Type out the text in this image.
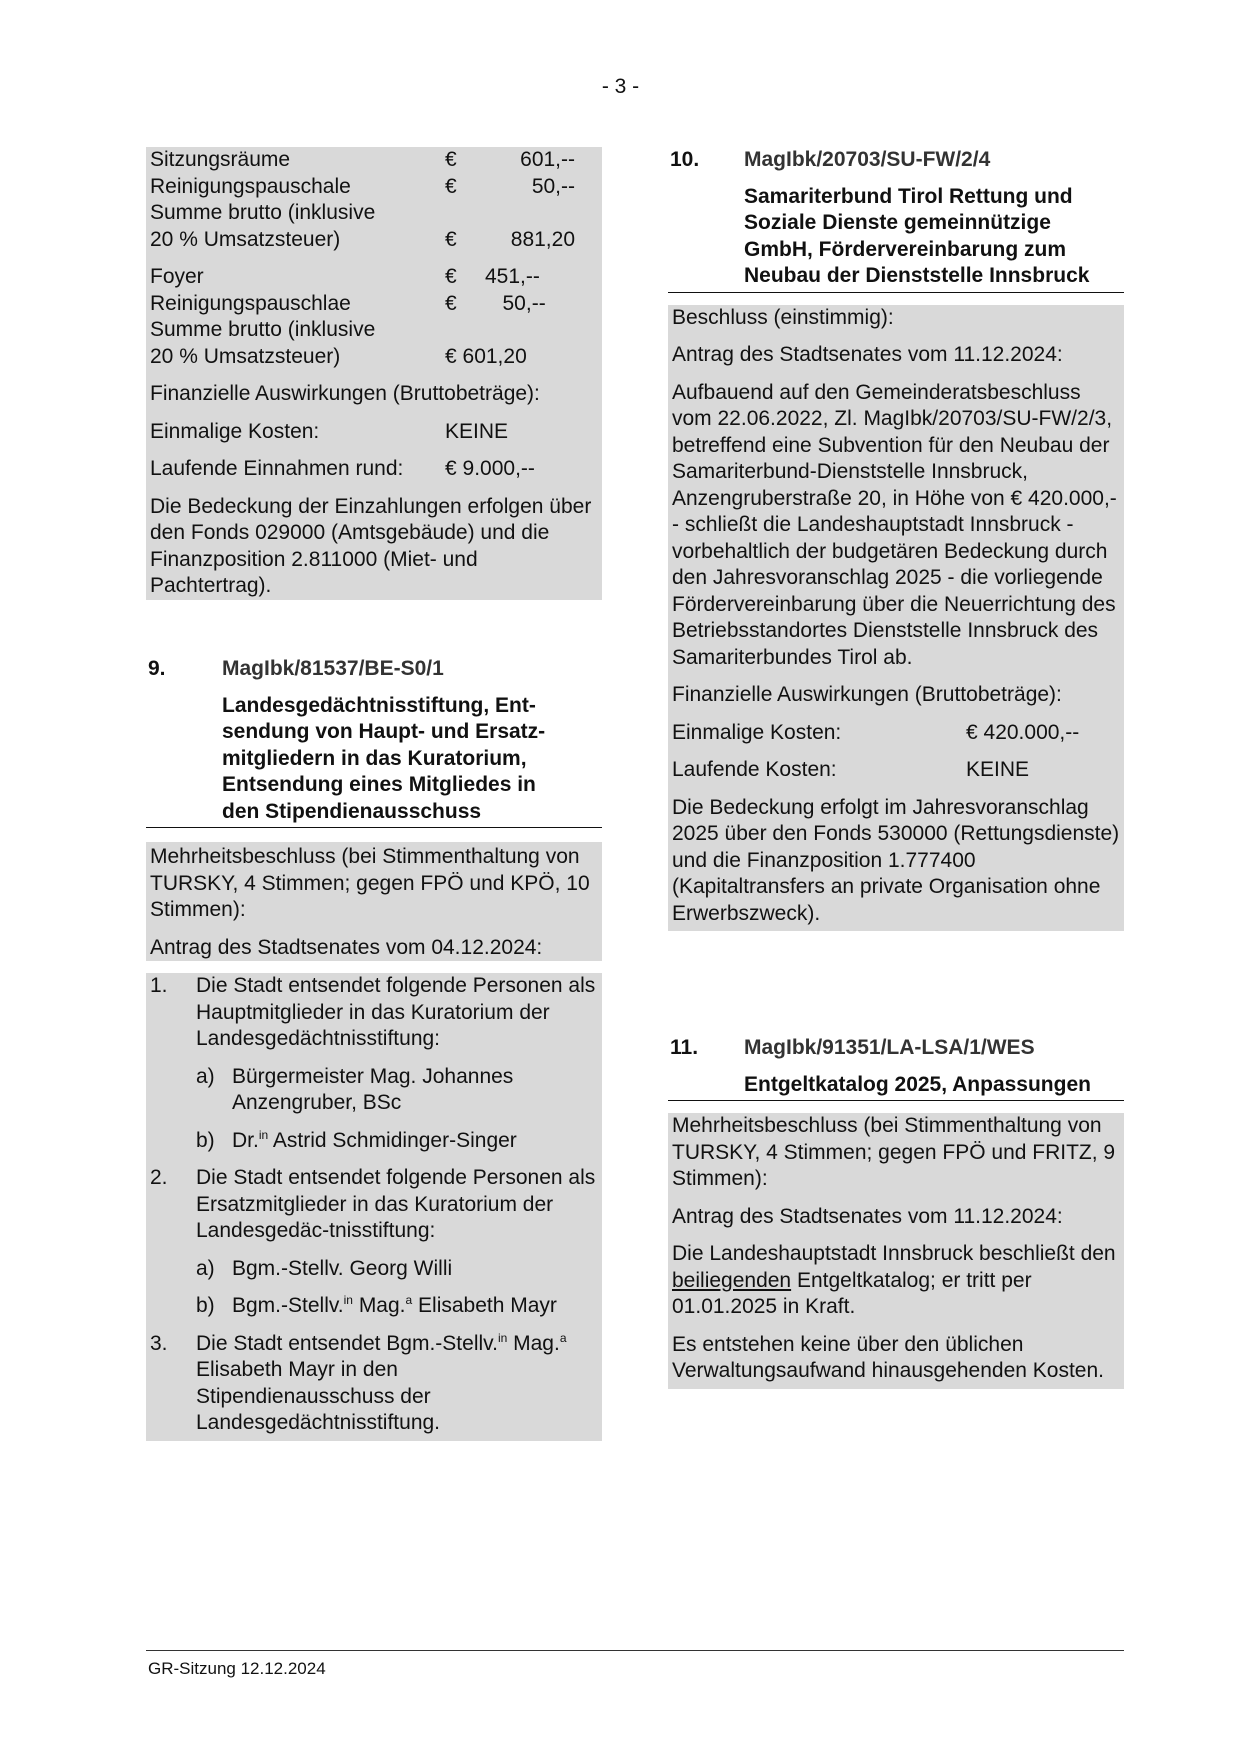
- 3 -
Sitzungsräume	€	601,--
Reinigungspauschale	€	50,--
Summe brutto (inklusive
20 % Umsatzsteuer)	€	881,20
Foyer	€	451,--
Reinigungspauschlae	€	50,--
Summe brutto (inklusive
20 % Umsatzsteuer)	€ 601,20

Finanzielle Auswirkungen (Bruttobeträge):

Einmalige Kosten:	KEINE
Laufende Einnahmen rund:	€ 9.000,--

Die Bedeckung der Einzahlungen erfolgen über den Fonds 029000 (Amtsgebäude) und die Finanzposition 2.811000 (Miet- und Pachtertrag).

9.	MagIbk/81537/BE-S0/1
Landesgedächtnisstiftung, Ent-
sendung von Haupt- und Ersatz-
mitgliedern in das Kuratorium,
Entsendung eines Mitgliedes in
den Stipendienausschuss

Mehrheitsbeschluss (bei Stimmenthaltung von TURSKY, 4 Stimmen; gegen FPÖ und KPÖ, 10 Stimmen):

Antrag des Stadtsenates vom 04.12.2024:

1.	Die Stadt entsendet folgende Personen als Hauptmitglieder in das Kuratorium der Landesgedächtnisstiftung:
a) Bürgermeister Mag. Johannes Anzengruber, BSc
b) Dr.$^{in}$ Astrid Schmidinger-Singer
2.	Die Stadt entsendet folgende Personen als Ersatzmitglieder in das Kuratorium der Landesgedäc-tnisstiftung:
a) Bgm.-Stellv. Georg Willi
b) Bgm.-Stellv.$^{in}$ Mag.$^a$ Elisabeth Mayr
3.	Die Stadt entsendet Bgm.-Stellv.$^{in}$ Mag.$^a$ Elisabeth Mayr in den Stipendienausschuss der Landesgedächtnisstiftung.
10.	MagIbk/20703/SU-FW/2/4
Samariterbund Tirol Rettung und Soziale Dienste gemeinnützige GmbH, Fördervereinbarung zum Neubau der Dienststelle Innsbruck

Beschluss (einstimmig):

Antrag des Stadtsenates vom 11.12.2024:

Aufbauend auf den Gemeinderatsbeschluss vom 22.06.2022, Zl. MagIbk/20703/SU-FW/2/3, betreffend eine Subvention für den Neubau der Samariterbund-Dienststelle Innsbruck, Anzengruberstraße 20, in Höhe von € 420.000,-- schließt die Landeshauptstadt Innsbruck - vorbehaltlich der budgetären Bedeckung durch den Jahresvoranschlag 2025 - die vorliegende Fördervereinbarung über die Neuerrichtung des Betriebsstandortes Dienststelle Innsbruck des Samariterbundes Tirol ab.

Finanzielle Auswirkungen (Bruttobeträge):

Einmalige Kosten:	€ 420.000,--
Laufende Kosten:	KEINE

Die Bedeckung erfolgt im Jahresvoranschlag 2025 über den Fonds 530000 (Rettungsdienste) und die Finanzposition 1.777400 (Kapitaltransfers an private Organisation ohne Erwerbszweck).

11.	MagIbk/91351/LA-LSA/1/WES
Entgeltkatalog 2025, Anpassungen

Mehrheitsbeschluss (bei Stimmenthaltung von TURSKY, 4 Stimmen; gegen FPÖ und FRITZ, 9 Stimmen):

Antrag des Stadtsenates vom 11.12.2024:

Die Landeshauptstadt Innsbruck beschließt den beiliegenden Entgeltkatalog; er tritt per 01.01.2025 in Kraft.

Es entstehen keine über den üblichen Verwaltungsaufwand hinausgehenden Kosten.

GR-Sitzung 12.12.2024
